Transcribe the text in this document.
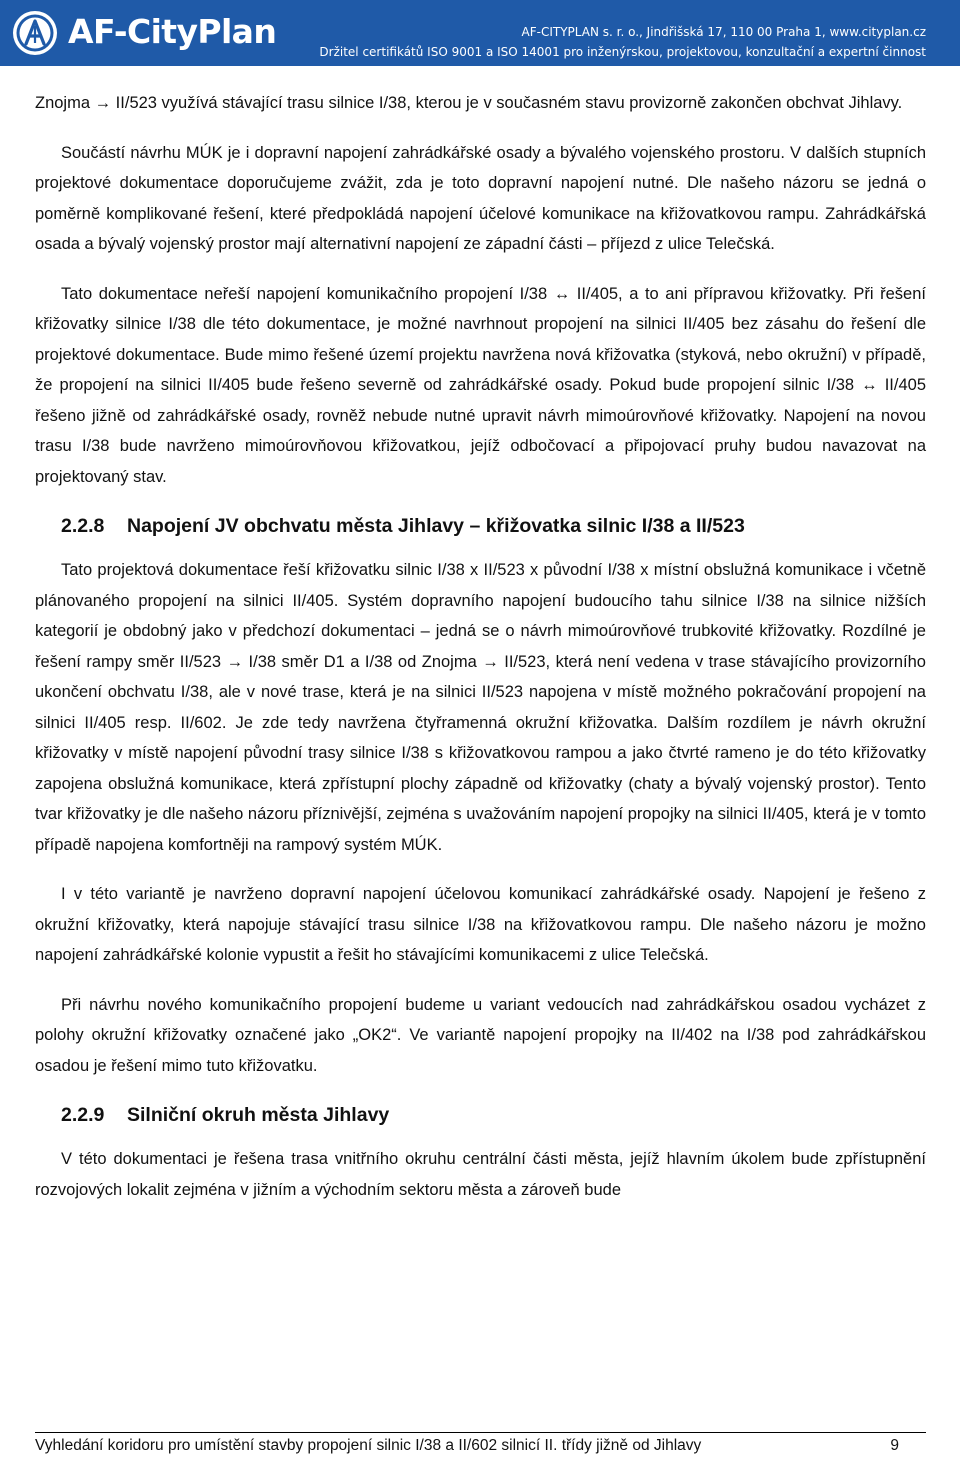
AF-CityPlan	AF-CITYPLAN s. r. o., Jindřišská 17, 110 00 Praha 1, www.cityplan.cz
Držitel certifikátů ISO 9001 a ISO 14001 pro inženýrskou, projektovou, konzultační a expertní činnost

Znojma → II/523 využívá stávající trasu silnice I/38, kterou je v současném stavu provizorně zakončen obchvat Jihlavy.

Součástí návrhu MÚK je i dopravní napojení zahrádkářské osady a bývalého vojenského prostoru. V dalších stupních projektové dokumentace doporučujeme zvážit, zda je toto dopravní napojení nutné. Dle našeho názoru se jedná o poměrně komplikované řešení, které předpokládá napojení účelové komunikace na křižovatkovou rampu. Zahrádkářská osada a bývalý vojenský prostor mají alternativní napojení ze západní části – příjezd z ulice Telečská.

Tato dokumentace neřeší napojení komunikačního propojení I/38 ↔ II/405, a to ani přípravou křižovatky. Při řešení křižovatky silnice I/38 dle této dokumentace, je možné navrhnout propojení na silnici II/405 bez zásahu do řešení dle projektové dokumentace. Bude mimo řešené území projektu navržena nová křižovatka (styková, nebo okružní) v případě, že propojení na silnici II/405 bude řešeno severně od zahrádkářské osady. Pokud bude propojení silnic I/38 ↔ II/405 řešeno jižně od zahrádkářské osady, rovněž nebude nutné upravit návrh mimoúrovňové křižovatky. Napojení na novou trasu I/38 bude navrženo mimoúrovňovou křižovatkou, jejíž odbočovací a připojovací pruhy budou navazovat na projektovaný stav.

2.2.8 Napojení JV obchvatu města Jihlavy – křižovatka silnic I/38 a II/523

Tato projektová dokumentace řeší křižovatku silnic I/38 x II/523 x původní I/38 x místní obslužná komunikace i včetně plánovaného propojení na silnici II/405. Systém dopravního napojení budoucího tahu silnice I/38 na silnice nižších kategorií je obdobný jako v předchozí dokumentaci – jedná se o návrh mimoúrovňové trubkovité křižovatky. Rozdílné je řešení rampy směr II/523 → I/38 směr D1 a I/38 od Znojma → II/523, která není vedena v trase stávajícího provizorního ukončení obchvatu I/38, ale v nové trase, která je na silnici II/523 napojena v místě možného pokračování propojení na silnici II/405 resp. II/602. Je zde tedy navržena čtyřramenná okružní křižovatka. Dalším rozdílem je návrh okružní křižovatky v místě napojení původní trasy silnice I/38 s křižovatkovou rampou a jako čtvrté rameno je do této křižovatky zapojena obslužná komunikace, která zpřístupní plochy západně od křižovatky (chaty a bývalý vojenský prostor). Tento tvar křižovatky je dle našeho názoru příznivější, zejména s uvažováním napojení propojky na silnici II/405, která je v tomto případě napojena komfortněji na rampový systém MÚK.

I v této variantě je navrženo dopravní napojení účelovou komunikací zahrádkářské osady. Napojení je řešeno z okružní křižovatky, která napojuje stávající trasu silnice I/38 na křižovatkovou rampu. Dle našeho názoru je možno napojení zahrádkářské kolonie vypustit a řešit ho stávajícími komunikacemi z ulice Telečská.

Při návrhu nového komunikačního propojení budeme u variant vedoucích nad zahrádkářskou osadou vycházet z polohy okružní křižovatky označené jako „OK2“. Ve variantě napojení propojky na II/402 na I/38 pod zahrádkářskou osadou je řešení mimo tuto křižovatku.

2.2.9 Silniční okruh města Jihlavy

V této dokumentaci je řešena trasa vnitřního okruhu centrální části města, jejíž hlavním úkolem bude zpřístupnění rozvojových lokalit zejména v jižním a východním sektoru města a zároveň bude

Vyhledání koridoru pro umístění stavby propojení silnic I/38 a II/602 silnicí II. třídy jižně od Jihlavy	9
